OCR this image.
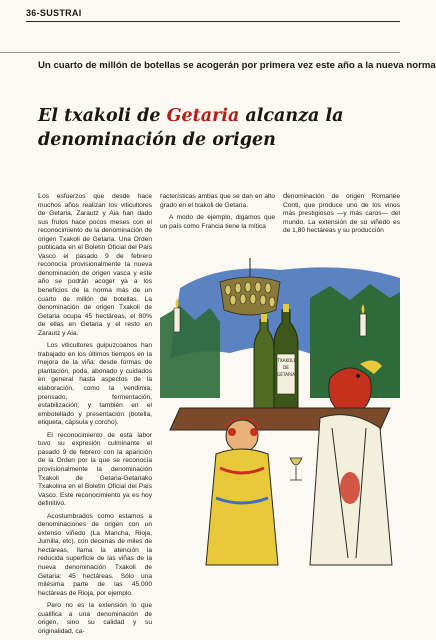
36-SUSTRAI
Un cuarto de millón de botellas se acogerán por primera vez este año a la nueva norma
El txakoli de Getaria alcanza la denominación de origen

Los esfuerzos que desde hace muchos años realizan los viticultores de Getaria, Zarautz y Aia han dado sus frutos hace pocos meses con el reconocimiento de la denominación de origen Txakoli de Getaria. Una Orden publicada en el Boletín Oficial del País Vasco el pasado 9 de febrero reconocía provisionalmente la nueva denominación de origen vasca y este año se podrán acoger ya a los beneficios de la norma más de un cuarto de millón de botellas. La denominación de origen Txakoli de Getaria ocupa 45 hectáreas, el 80% de ellas en Getaria y el resto en Zarautz y Aia.

Los viticultores guipuzcoanos han trabajado en los últimos tiempos en la mejora de la viña: desde formas de plantación, poda, abonado y cuidados en general hasta aspectos de la elaboración, como la vendimia, prensado, fermentación, estabilización; y también en el embotellado y presentación (botella, etiqueta, cápsula y corcho).

El reconocimiento de esta labor tuvo su expresión culminante el pasado 9 de febrero con la aparición de la Orden por la que se reconocía provisionalmente la denominación Txakoli de Getaria-Getariako Txakolina en el Boletín Oficial del País Vasco. Este reconocimiento ya es hoy definitivo.

Acostumbrados como estamos a denominaciones de origen con un extenso viñedo (La Mancha, Rioja, Jumilla, etc), con decenas de miles de hectáreas, llama la atención la reducida superficie de las viñas de la nueva denominación Txakoli de Getaria: 45 hectáreas. Sólo una milésima parte de las 45.000 hectáreas de Rioja, por ejemplo.

Pero no es la extensión lo que cualifica a una denominación de origen, sino su calidad y su originalidad, ca-

racterísticas ambas que se dan en alto grado en el txakoli de Getaria.

A modo de ejemplo, digamos que un país como Francia tiene la mítica

denominación de origen Romanée Conti, que produce uno de los vinos más prestigiosos —y más caros— del mundo. La extensión de su viñedo es de 1,80 hectáreas y su producción

TXAKOLI
DE
GETARIA
